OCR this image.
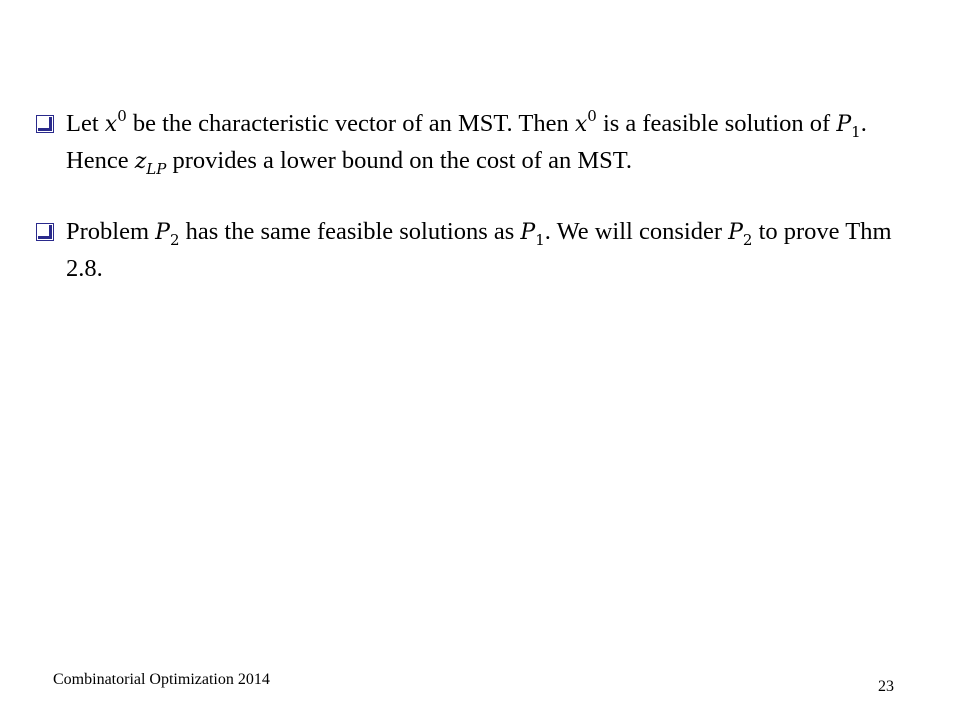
Let $x^0$ be the characteristic vector of an MST. Then $x^0$ is a feasible solution of $P_1$. Hence $z_{LP}$ provides a lower bound on the cost of an MST.
Problem $P_2$ has the same feasible solutions as $P_1$. We will consider $P_2$ to prove Thm 2.8.
Combinatorial Optimization 2014	23
